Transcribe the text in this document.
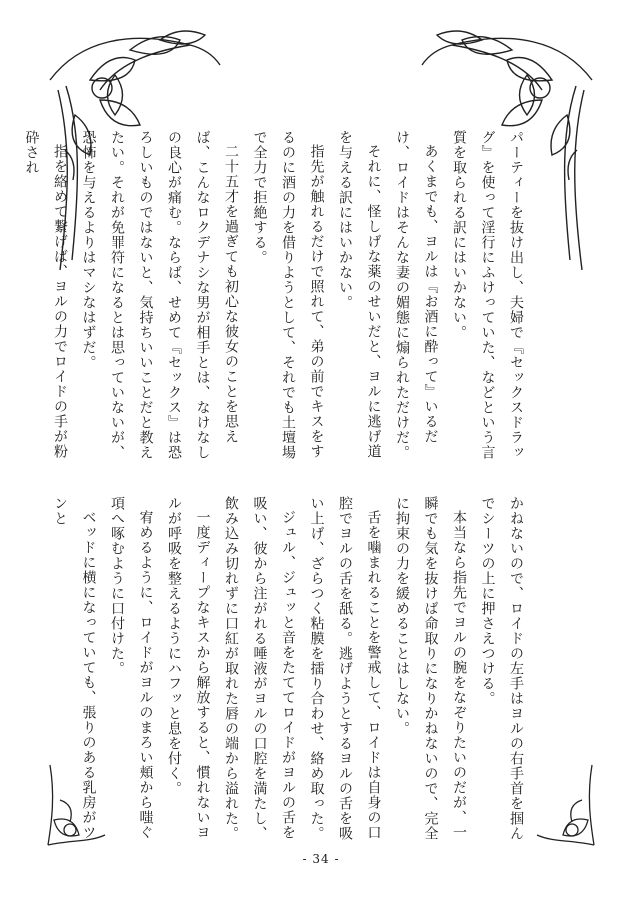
パーティーを抜け出し、夫婦で『セックスドラッグ』を使って淫行にふけっていた、などという言質を取られる訳にはいかない。

あくまでも、ヨルは『お酒に酔って』いるだけ、ロイドはそんな妻の媚態に煽られただけだ。

それに、怪しげな薬のせいだと、ヨルに逃げ道を与える訳にはいかない。

指先が触れるだけで照れて、弟の前でキスをするのに酒の力を借りようとして、それでも土壇場で全力で拒絶する。

二十五才を過ぎても初心な彼女のことを思えば、こんなロクデナシな男が相手とは、なけなしの良心が痛む。ならば、せめて『セックス』は恐ろしいものではないと、気持ちいいことだと教えたい。それが免罪符になるとは思っていないが、恐怖を与えるよりはマシなはずだ。

指を絡めて繋げば、ヨルの力でロイドの手が粉砕され

かねないので、ロイドの左手はヨルの右手首を掴んでシーツの上に押さえつける。

本当なら指先でヨルの腕をなぞりたいのだが、一瞬でも気を抜けば命取りになりかねないので、完全に拘束の力を緩めることはしない。

舌を噛まれることを警戒して、ロイドは自身の口腔でヨルの舌を舐る。逃げようとするヨルの舌を吸い上げ、ざらつく粘膜を擂り合わせ、絡め取った。

ジュル、ジュッと音をたててロイドがヨルの舌を吸い、彼から注がれる唾液がヨルの口腔を満たし、飲み込み切れずに口紅が取れた唇の端から溢れた。

一度ディープなキスから解放すると、慣れないヨルが呼吸を整えるようにハフッと息を付く。

宥めるように、ロイドがヨルのまろい頬から嗤ぐ項へ啄むように口付けた。

ベッドに横になっていても、張りのある乳房がツンと

- 34 -
